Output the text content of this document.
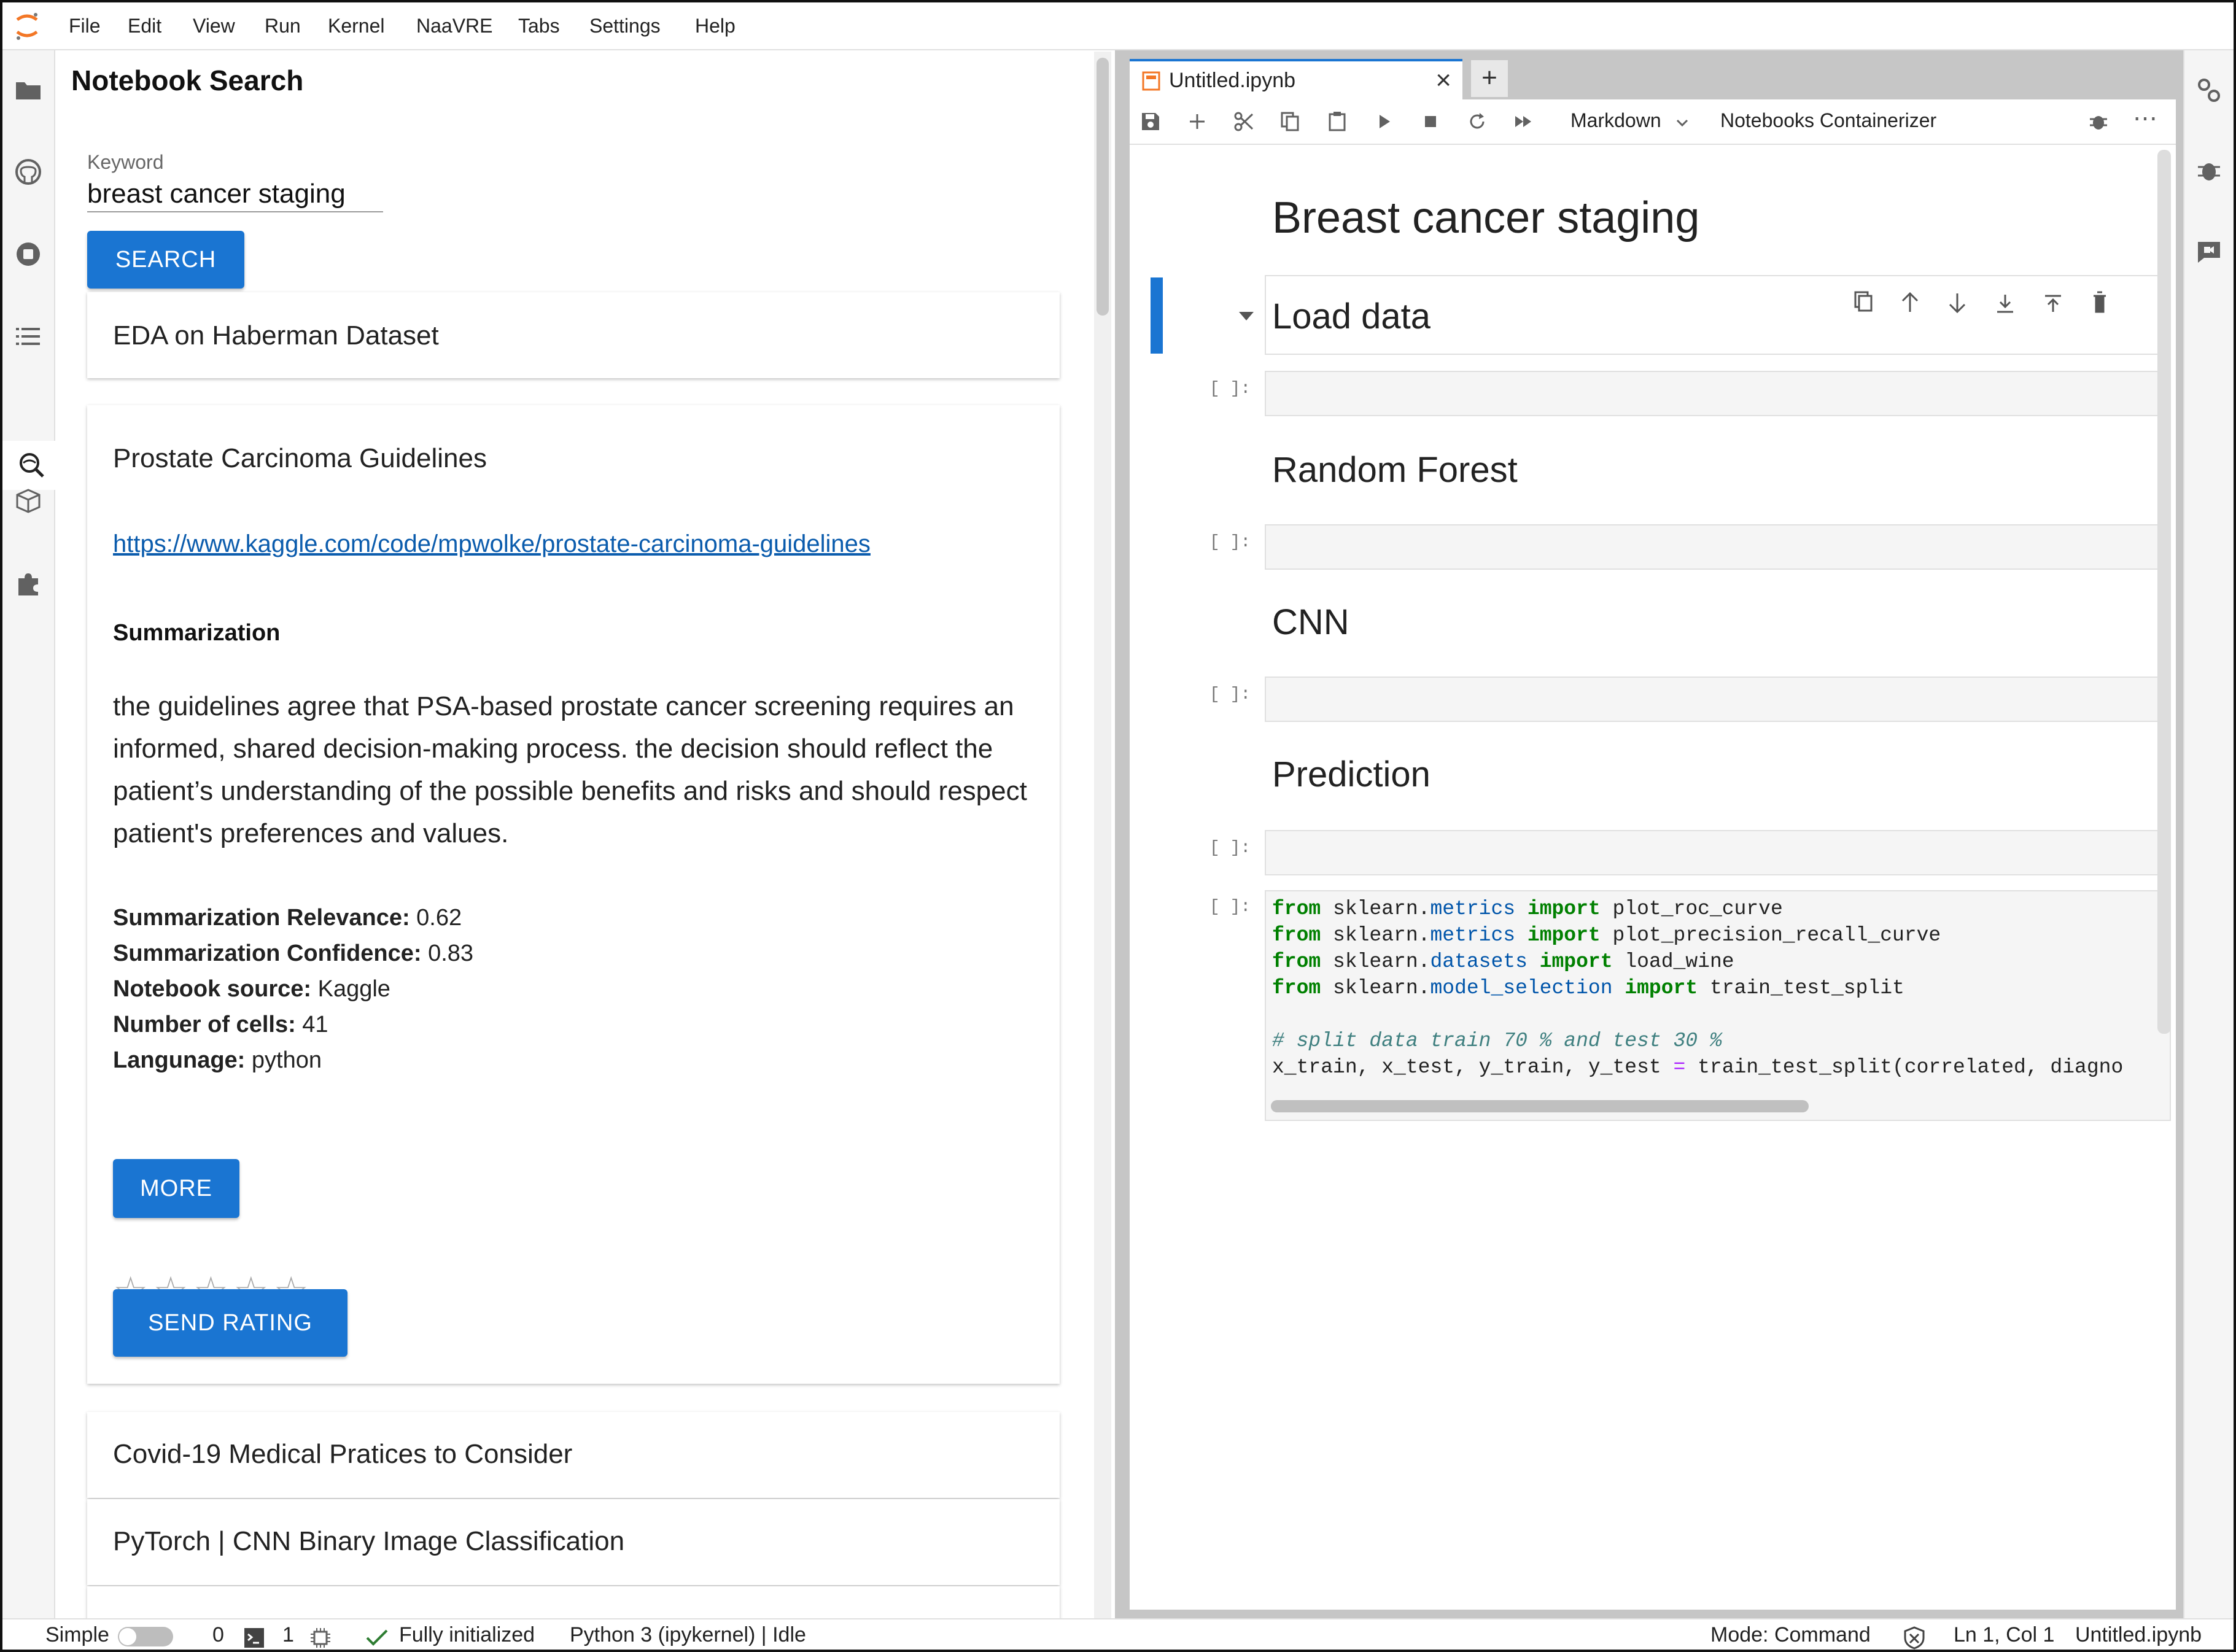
File Edit View Run Kernel NaaVRE Tabs Settings Help
Notebook Search
Keyword
breast cancer staging
SEARCH
EDA on Haberman Dataset
Prostate Carcinoma Guidelines
https://www.kaggle.com/code/mpwolke/prostate-carcinoma-guidelines
Summarization
the guidelines agree that PSA-based prostate cancer screening requires an informed, shared decision-making process. the decision should reflect the patient’s understanding of the possible benefits and risks and should respect patient's preferences and values.
Summarization Relevance: 0.62
Summarization Confidence: 0.83
Notebook source: Kaggle
Number of cells: 41
Langunage: python
MORE
SEND RATING
Covid-19 Medical Pratices to Consider
PyTorch | CNN Binary Image Classification
Untitled.ipynb	×	+
Markdown	Notebooks Containerizer	⋯
Breast cancer staging
Load data
[ ]:
Random Forest
[ ]:
CNN
[ ]:
Prediction
[ ]:
[ ]: from sklearn.metrics import plot_roc_curve
from sklearn.metrics import plot_precision_recall_curve
from sklearn.datasets import load_wine
from sklearn.model_selection import train_test_split
# split data train 70 % and test 30 %
x_train, x_test, y_train, y_test = train_test_split(correlated, diagno
Simple	0	1	Fully initialized Python 3 (ipykernel) | Idle	Mode: Command	Ln 1, Col 1 Untitled.ipynb
